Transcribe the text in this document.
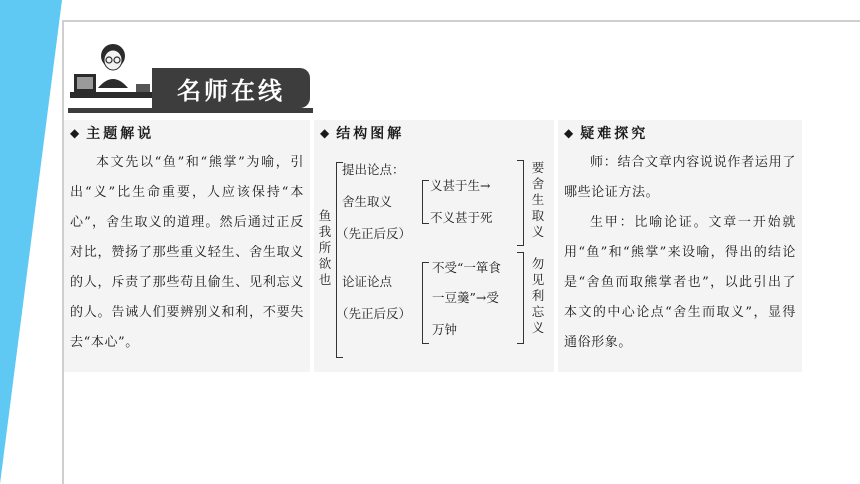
名师在线
◆ 主题解说

本文先以“鱼”和“熊掌”为喻，引出“义”比生命重要，人应该保持“本心”，舍生取义的道理。然后通过正反对比，赞扬了那些重义轻生、舍生取义的人，斥责了那些苟且偷生、见利忘义的人。告诫人们要辨别义和利，不要失去“本心”。

◆ 结构图解
鱼我所欲也
提出论点：
舍生取义
（先正后反）
义甚于生→
不义甚于死
要舍生取义
论证论点
（先正后反）
不受“一箪食
一豆羹”→受
万钟
勿见利忘义
◆ 疑难探究

师：结合文章内容说说作者运用了哪些论证方法。

生甲：比喻论证。文章一开始就用“鱼”和“熊掌”来设喻，得出的结论是“舍鱼而取熊掌者也”，以此引出了本文的中心论点“舍生而取义”，显得通俗形象。
